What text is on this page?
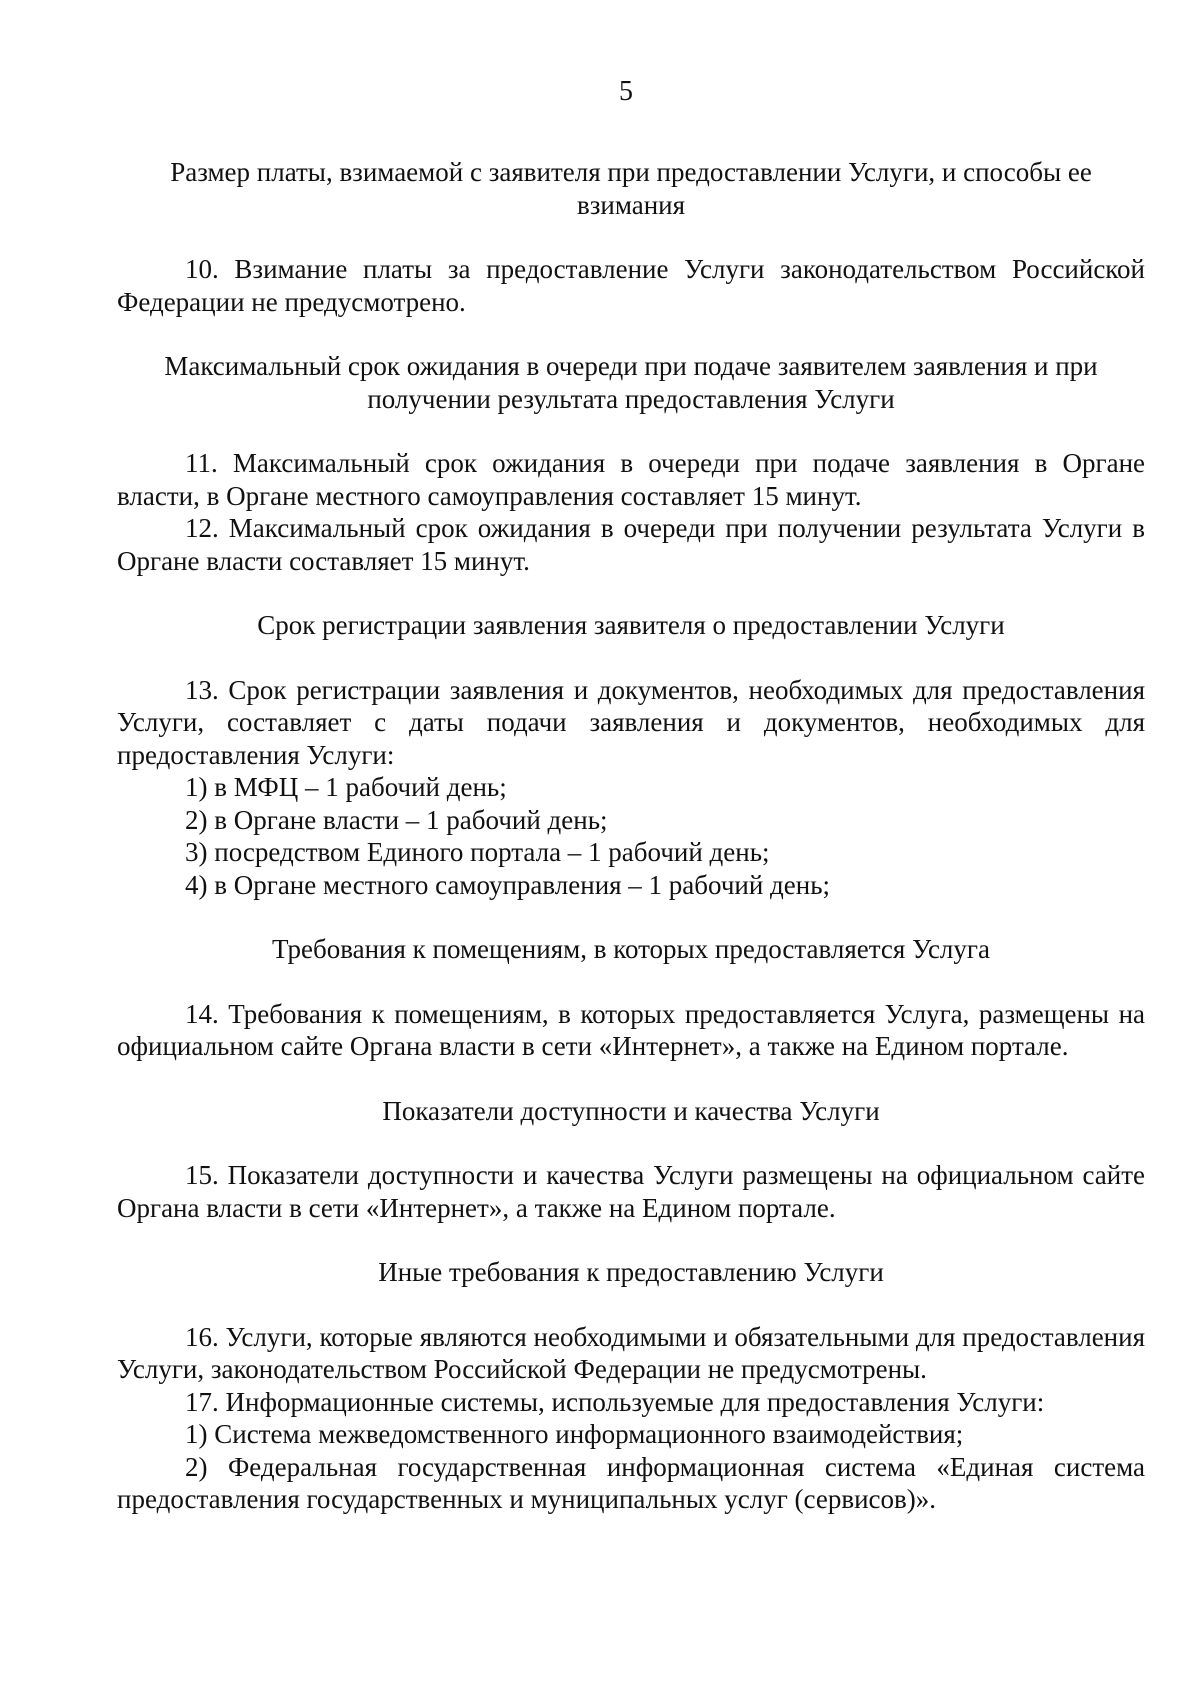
5

Размер платы, взимаемой с заявителя при предоставлении Услуги, и способы ее взимания

10. Взимание платы за предоставление Услуги законодательством Российской Федерации не предусмотрено.

Максимальный срок ожидания в очереди при подаче заявителем заявления и при получении результата предоставления Услуги

11. Максимальный срок ожидания в очереди при подаче заявления в Органе власти, в Органе местного самоуправления составляет 15 минут.

12. Максимальный срок ожидания в очереди при получении результата Услуги в Органе власти составляет 15 минут.

Срок регистрации заявления заявителя о предоставлении Услуги

13. Срок регистрации заявления и документов, необходимых для предоставления Услуги, составляет с даты подачи заявления и документов, необходимых для предоставления Услуги:

1) в МФЦ – 1 рабочий день;

2) в Органе власти – 1 рабочий день;

3) посредством Единого портала – 1 рабочий день;

4) в Органе местного самоуправления – 1 рабочий день;

Требования к помещениям, в которых предоставляется Услуга

14. Требования к помещениям, в которых предоставляется Услуга, размещены на официальном сайте Органа власти в сети «Интернет», а также на Едином портале.

Показатели доступности и качества Услуги

15. Показатели доступности и качества Услуги размещены на официальном сайте Органа власти в сети «Интернет», а также на Едином портале.

Иные требования к предоставлению Услуги

16. Услуги, которые являются необходимыми и обязательными для предоставления Услуги, законодательством Российской Федерации не предусмотрены.

17. Информационные системы, используемые для предоставления Услуги:

1) Система межведомственного информационного взаимодействия;

2) Федеральная государственная информационная система «Единая система предоставления государственных и муниципальных услуг (сервисов)».
